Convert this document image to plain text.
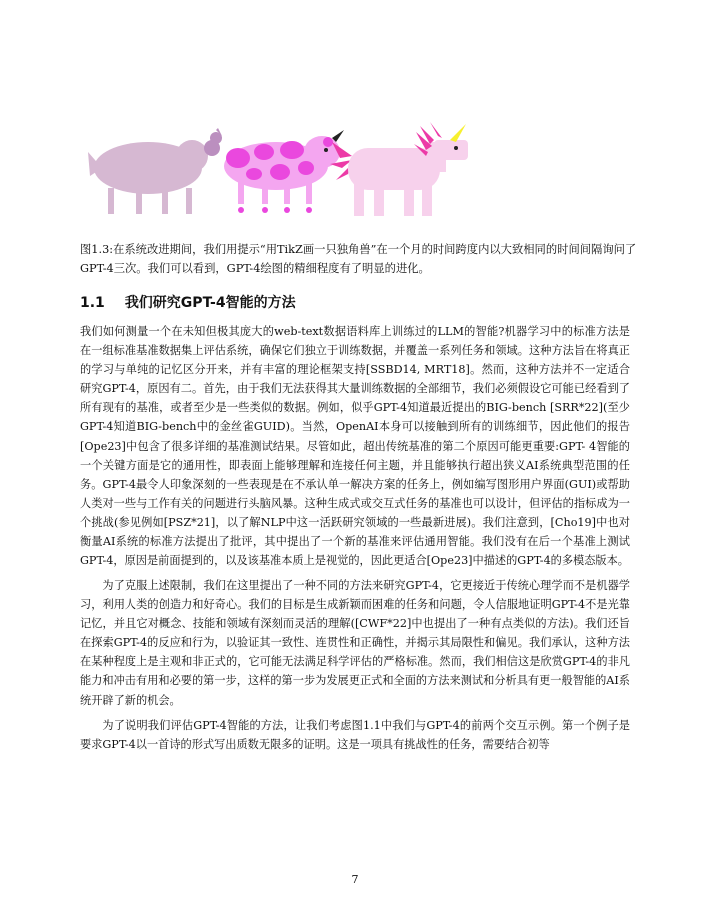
图1.3:在系统改进期间，我们用提示“用TikZ画一只独角兽”在一个月的时间跨度内以大致相同的时间间隔询问了GPT-4三次。我们可以看到，GPT-4绘图的精细程度有了明显的进化。
1.1 我们研究GPT-4智能的方法
我们如何测量一个在未知但极其庞大的web-text数据语料库上训练过的LLM的智能?机器学习中的标准方法是在一组标准基准数据集上评估系统，确保它们独立于训练数据，并覆盖一系列任务和领域。这种方法旨在将真正的学习与单纯的记忆区分开来，并有丰富的理论框架支持[SSBD14, MRT18]。然而，这种方法并不一定适合研究GPT-4，原因有二。首先，由于我们无法获得其大量训练数据的全部细节，我们必须假设它可能已经看到了所有现有的基准，或者至少是一些类似的数据。例如，似乎GPT-4知道最近提出的BIG-bench [SRR*22](至少GPT-4知道BIG-bench中的金丝雀GUID)。当然，OpenAI本身可以接触到所有的训练细节，因此他们的报告[Ope23]中包含了很多详细的基准测试结果。尽管如此，超出传统基准的第二个原因可能更重要:GPT- 4智能的一个关键方面是它的通用性，即表面上能够理解和连接任何主题，并且能够执行超出狭义AI系统典型范围的任务。GPT-4最令人印象深刻的一些表现是在不承认单一解决方案的任务上，例如编写图形用户界面(GUI)或帮助人类对一些与工作有关的问题进行头脑风暴。这种生成式或交互式任务的基准也可以设计，但评估的指标成为一个挑战(参见例如[PSZ*21]，以了解NLP中这一活跃研究领域的一些最新进展)。我们注意到，[Cho19]中也对衡量AI系统的标准方法提出了批评，其中提出了一个新的基准来评估通用智能。我们没有在后一个基准上测试GPT-4，原因是前面提到的，以及该基准本质上是视觉的，因此更适合[Ope23]中描述的GPT-4的多模态版本。
为了克服上述限制，我们在这里提出了一种不同的方法来研究GPT-4，它更接近于传统心理学而不是机器学习，利用人类的创造力和好奇心。我们的目标是生成新颖而困难的任务和问题，令人信服地证明GPT-4不是光靠记忆，并且它对概念、技能和领域有深刻而灵活的理解([CWF*22]中也提出了一种有点类似的方法)。我们还旨在探索GPT-4的反应和行为，以验证其一致性、连贯性和正确性，并揭示其局限性和偏见。我们承认，这种方法在某种程度上是主观和非正式的，它可能无法满足科学评估的严格标准。然而，我们相信这是欣赏GPT-4的非凡能力和冲击有用和必要的第一步，这样的第一步为发展更正式和全面的方法来测试和分析具有更一般智能的AI系统开辟了新的机会。
为了说明我们评估GPT-4智能的方法，让我们考虑图1.1中我们与GPT-4的前两个交互示例。第一个例子是要求GPT-4以一首诗的形式写出质数无限多的证明。这是一项具有挑战性的任务，需要结合初等
7
